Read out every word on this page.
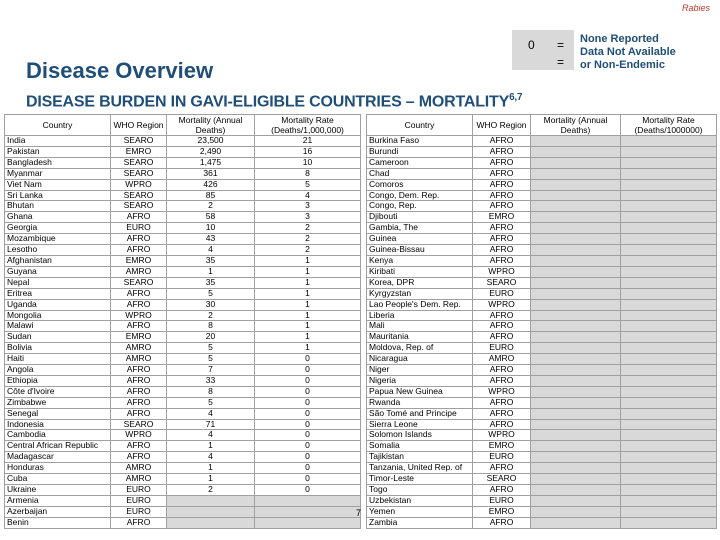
Rabies
Disease Overview
0 =
=
None Reported
Data Not Available
or Non-Endemic
DISEASE BURDEN IN GAVI-ELIGIBLE COUNTRIES – MORTALITY$^{6,7}$
Country	WHO Region	Mortality (Annual Deaths)	Mortality Rate (Deaths/1,000,000)
India	SEARO	23,500	21
Pakistan	EMRO	2,490	16
Bangladesh	SEARO	1,475	10
Myanmar	SEARO	361	8
Viet Nam	WPRO	426	5
Sri Lanka	SEARO	85	4
Bhutan	SEARO	2	3
Ghana	AFRO	58	3
Georgia	EURO	10	2
Mozambique	AFRO	43	2
Lesotho	AFRO	4	2
Afghanistan	EMRO	35	1
Guyana	AMRO	1	1
Nepal	SEARO	35	1
Eritrea	AFRO	5	1
Uganda	AFRO	30	1
Mongolia	WPRO	2	1
Malawi	AFRO	8	1
Sudan	EMRO	20	1
Bolivia	AMRO	5	1
Haiti	AMRO	5	0
Angola	AFRO	7	0
Ethiopia	AFRO	33	0
Côte d'Ivoire	AFRO	8	0
Zimbabwe	AFRO	5	0
Senegal	AFRO	4	0
Indonesia	SEARO	71	0
Cambodia	WPRO	4	0
Central African Republic	AFRO	1	0
Madagascar	AFRO	4	0
Honduras	AMRO	1	0
Cuba	AMRO	1	0
Ukraine	EURO	2	0
Armenia	EURO		
Azerbaijan	EURO		
Benin	AFRO		
Country	WHO Region	Mortality (Annual Deaths)	Mortality Rate (Deaths/1000000)
Burkina Faso	AFRO		
Burundi	AFRO		
Cameroon	AFRO		
Chad	AFRO		
Comoros	AFRO		
Congo, Dem. Rep.	AFRO		
Congo, Rep.	AFRO		
Djibouti	EMRO		
Gambia, The	AFRO		
Guinea	AFRO		
Guinea-Bissau	AFRO		
Kenya	AFRO		
Kiribati	WPRO		
Korea, DPR	SEARO		
Kyrgyzstan	EURO		
Lao People's Dem. Rep.	WPRO		
Liberia	AFRO		
Mali	AFRO		
Mauritania	AFRO		
Moldova, Rep. of	EURO		
Nicaragua	AMRO		
Niger	AFRO		
Nigeria	AFRO		
Papua New Guinea	WPRO		
Rwanda	AFRO		
São Tomé and Principe	AFRO		
Sierra Leone	AFRO		
Solomon Islands	WPRO		
Somalia	EMRO		
Tajikistan	EURO		
Tanzania, United Rep. of	AFRO		
Timor-Leste	SEARO		
Togo	AFRO		
Uzbekistan	EURO		
Yemen	EMRO		
Zambia	AFRO		
7
